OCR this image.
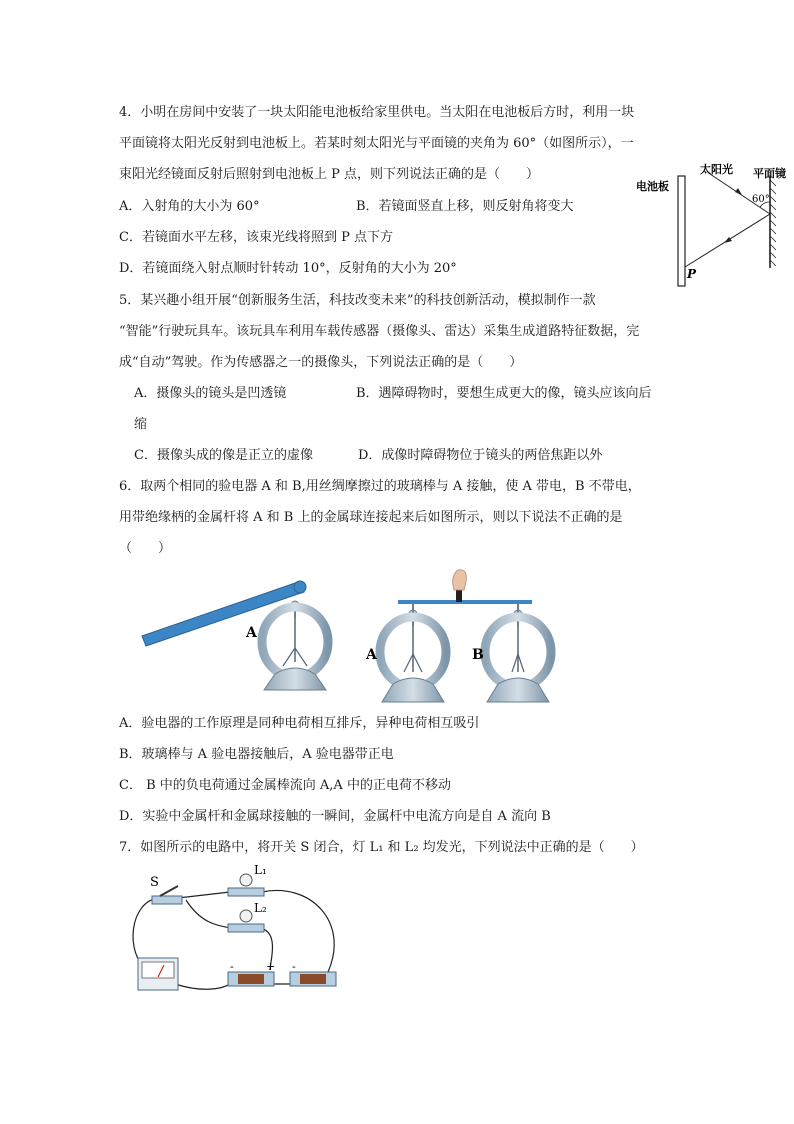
4．小明在房间中安装了一块太阳能电池板给家里供电。当太阳在电池板后方时，利用一块
平面镜将太阳光反射到电池板上。若某时刻太阳光与平面镜的夹角为 60°（如图所示），一
束阳光经镜面反射后照射到电池板上 P 点，则下列说法正确的是（　　）
A．入射角的大小为 60°	B．若镜面竖直上移，则反射角将变大
C．若镜面水平左移，该束光线将照到 P 点下方
D．若镜面绕入射点顺时针转动 10°，反射角的大小为 20°
电池板
太阳光 平面镜
60°
P
5．某兴趣小组开展“创新服务生活，科技改变未来”的科技创新活动，模拟制作一款
“智能”行驶玩具车。该玩具车利用车载传感器（摄像头、雷达）采集生成道路特征数据，完
成“自动”驾驶。作为传感器之一的摄像头，下列说法正确的是（　　）
A．摄像头的镜头是凹透镜	B．遇障碍物时，要想生成更大的像，镜头应该向后
缩
C．摄像头成的像是正立的虚像	D．成像时障碍物位于镜头的两倍焦距以外
6．取两个相同的验电器 A 和 B,用丝绸摩擦过的玻璃棒与 A 接触，使 A 带电，B 不带电，
用带绝缘柄的金属杆将 A 和 B 上的金属球连接起来后如图所示，则以下说法不正确的是
（　　）
A
A	B
A．验电器的工作原理是同种电荷相互排斥，异种电荷相互吸引
B．玻璃棒与 A 验电器接触后，A 验电器带正电
C． B 中的负电荷通过金属棒流向 A,A 中的正电荷不移动
D．实验中金属杆和金属球接触的一瞬间，金属杆中电流方向是自 A 流向 B
7．如图所示的电路中，将开关 S 闭合，灯 L₁ 和 L₂ 均发光，下列说法中正确的是（　　）
S
L₁
L₂
-	+ -
